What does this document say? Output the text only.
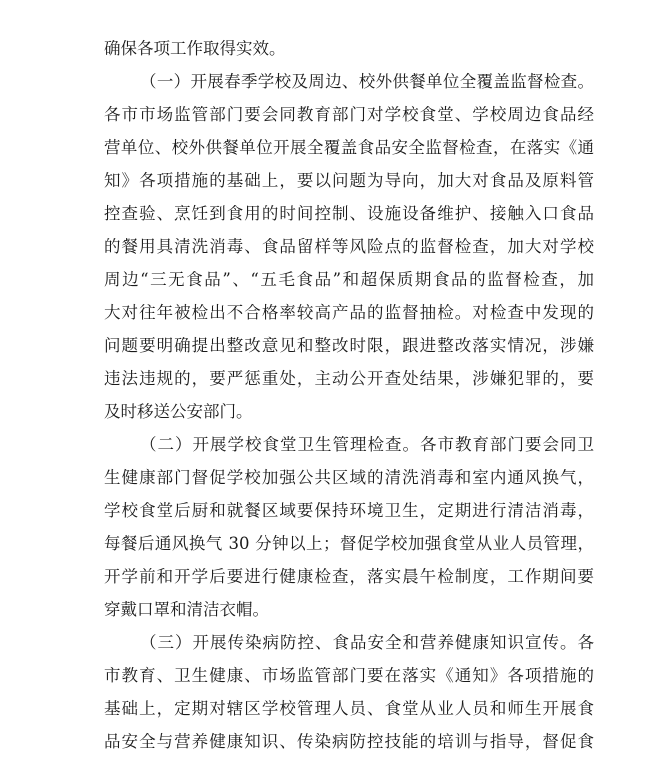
确保各项工作取得实效。
（一）开展春季学校及周边、校外供餐单位全覆盖监督检查。
各市市场监管部门要会同教育部门对学校食堂、学校周边食品经
营单位、校外供餐单位开展全覆盖食品安全监督检查，在落实《通
知》各项措施的基础上，要以问题为导向，加大对食品及原料管
控查验、烹饪到食用的时间控制、设施设备维护、接触入口食品
的餐用具清洗消毒、食品留样等风险点的监督检查，加大对学校
周边“三无食品”、“五毛食品”和超保质期食品的监督检查，加
大对往年被检出不合格率较高产品的监督抽检。对检查中发现的
问题要明确提出整改意见和整改时限，跟进整改落实情况，涉嫌
违法违规的，要严惩重处，主动公开查处结果，涉嫌犯罪的，要
及时移送公安部门。
（二）开展学校食堂卫生管理检查。各市教育部门要会同卫
生健康部门督促学校加强公共区域的清洗消毒和室内通风换气，
学校食堂后厨和就餐区域要保持环境卫生，定期进行清洁消毒，
每餐后通风换气 30 分钟以上；督促学校加强食堂从业人员管理，
开学前和开学后要进行健康检查，落实晨午检制度，工作期间要
穿戴口罩和清洁衣帽。
（三）开展传染病防控、食品安全和营养健康知识宣传。各
市教育、卫生健康、市场监管部门要在落实《通知》各项措施的
基础上，定期对辖区学校管理人员、食堂从业人员和师生开展食
品安全与营养健康知识、传染病防控技能的培训与指导，督促食
